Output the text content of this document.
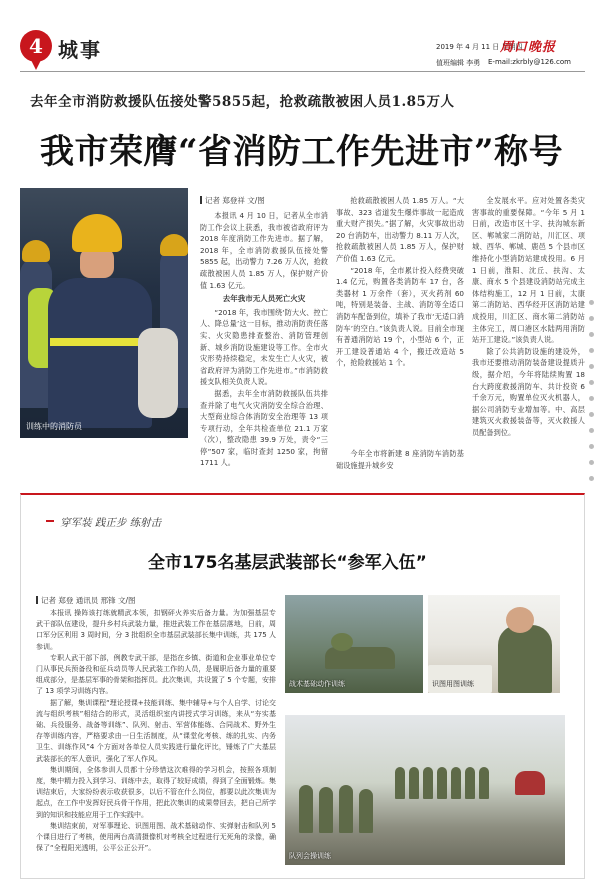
4 城事	2019 年 4 月 11 日 星期四
周口晚报
值班编辑 李勇 E-mail:zkrbly@126.com
去年全市消防救援队伍接处警5855起，抢救疏散被困人员1.85万人
我市荣膺“省消防工作先进市”称号
训练中的消防员
记者 郑登祥 文/图

本报讯 4 月 10 日，记者从全市消防工作会议上获悉，我市被省政府评为 2018 年度消防工作先进市。据了解，2018 年，全市消防救援队伍接处警 5855 起，出动警力 7.26 万人次，抢救疏散被困人员 1.85 万人，保护财产价值 1.63 亿元。

去年我市无人员死亡火灾

“2018 年，我市围绕‘防大火、控亡人、降总量’这一目标，推动消防责任落实、火灾隐患排查整治、消防管理创新、城乡消防设施建设等工作。全市火灾形势持续稳定，未发生亡人火灾，被省政府评为消防工作先进市。”市消防救援支队相关负责人说。

据悉，去年全市消防救援队伍共排查并除了电气火灾消防安全综合治理、大型商业综合体消防安全治理等 13 项专项行动，全年共检查单位 21.1 万家（次），整改隐患 39.9 万处，责令“三停”507 家，临时查封 1250 家，拘留 1711 人。

抢救疏散被困人员 1.85 万人。“大事故、323 省道发生爆炸事故一起造成重大财产损失。”据了解，火灾事故出动 20 台消防车，出动警力 8.11 万人次，抢救疏散被困人员 1.85 万人，保护财产价值 1.63 亿元。

“2018 年，全市累计投入经费突破 1.4 亿元，购置各类消防车 17 台，各类器材 1 万余件（套），灭火药剂 60 吨，特别是装备、主战、消防等全适口消防车配备到位，填补了我市‘无适口消防车’的空白。”该负责人说。目前全市现有普通消防站 19 个，小型站 6 个，正开工建设普通站 4 个，搬迁改造站 5 个，抢险救援站 1 个。

今年全市将新建 8 座消防车消防基础设施提升城乡安

全发展水平。应对处置各类灾害事故的重要保障。“今年 5 月 1 日前，改造市区十字、扶沟城东新区、郸城家二消防站，川汇区、项城、西华、郸城、鹿邑 5 个县市区维持化小型消防站建成投用。6 月 1 日前，淮阳、沈丘、扶沟、太康、商水 5 个县建设消防站完成主体结构施工，12 月 1 日前，太康第二消防站、西华经开区消防站建成投用，川汇区、商水第二消防站主体完工，周口港区水陆两用消防站开工建设。”该负责人说。

除了公共消防设施的建设外，我市还要推动消防装备建设提质升级，据介绍，今年将陆续购置 18 台大跨度救援消防车、共计投资 6 千余万元，购置单位灭火机器人，据公司消防专业增加等。中、高层建筑灭火救援装备等，灭火救援人员配备到位。

穿军装 践正步 练射击
全市175名基层武装部长“参军入伍”
记者 郑登 通讯员 邢锋 文/图

本报讯 操阵该打练就精武本领，扣钢砰火养实后备力量。为加强基层专武干部队伍建设，提升乡村兵武装力量，推进武装工作在基层落地，日前，周口军分区利用 3 周时间，分 3 批组织全市基层武装部长集中训练，共 175 人参训。

专职人武干部下部，例教专武干部，是指在乡镇、街道和企业事业单位专门从事民兵预备役和征兵动员等人民武装工作的人员，是履职后备力量的重要组成部分，是基层军事的骨架和指挥员。此次集训，共设置了 5 个专题，安排了 13 项学习训练内容。

据了解，集训课程“理论授课+技能训练、集中辅导+与个人自学、讨论交流与组织考核”相结合的形式，灵活组织室内讲授式学习训练，来从“夯实基础、兵役服务、战备等训练”、队列、射击、军营体能练、合同战术、野外生存等训练内容，严格要求由一日生活制度，从“课堂化考核、练的扎实、内务卫生、训练作风”4 个方面对各单位人员实践进行量化评比，锤炼了广大基层武装部长的军人意识，强化了军人作风。

集训期间，全体参训人员都十分珍惜这次难得的学习机会，按照各项制度，集中精力投入到学习、训练中去，取得了较好成绩，得到了全面锻炼。集训结束后，大家纷纷表示收获很多，以后不管在什么岗位，都要以此次集训为起点，在工作中发挥好民兵骨干作用，把此次集训的成果带回去，把自己所学到的知识和技能应用于工作实践中。

集训结束前，对军事理论、识图用图、战术基础动作、实弹射击和队列 5 个课目进行了考核，使用两台高清摄像机对考核全过程进行无死角的录像，确保了“全程阳光透明，公平公正公开”。

战术基础动作训练	识图用图训练
队列会操训练
